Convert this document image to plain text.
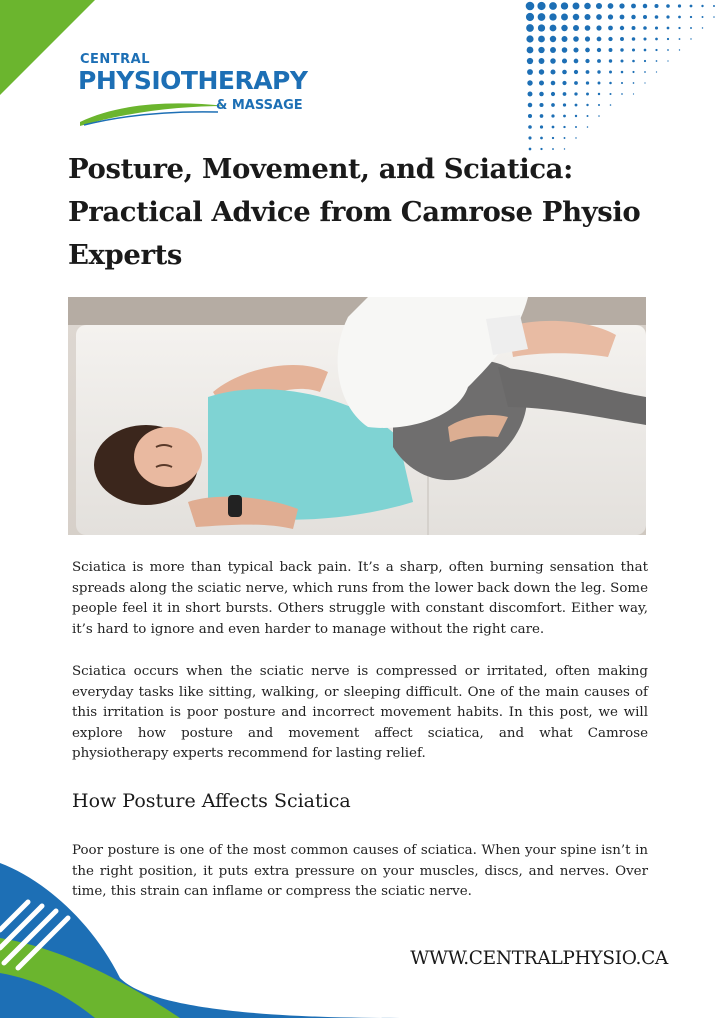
CENTRAL
PHYSIOTHERAPY
& MASSAGE
Posture, Movement, and Sciatica: Practical Advice from Camrose Physio Experts

Sciatica is more than typical back pain. It’s a sharp, often burning sensation that spreads along the sciatic nerve, which runs from the lower back down the leg. Some people feel it in short bursts. Others struggle with constant discomfort. Either way, it’s hard to ignore and even harder to manage without the right care.

Sciatica occurs when the sciatic nerve is compressed or irritated, often making everyday tasks like sitting, walking, or sleeping difficult. One of the main causes of this irritation is poor posture and incorrect movement habits. In this post, we will explore how posture and movement affect sciatica, and what Camrose physiotherapy experts recommend for lasting relief.

How Posture Affects Sciatica

Poor posture is one of the most common causes of sciatica. When your spine isn’t in the right position, it puts extra pressure on your muscles, discs, and nerves. Over time, this strain can inflame or compress the sciatic nerve.

WWW.CENTRALPHYSIO.CA
